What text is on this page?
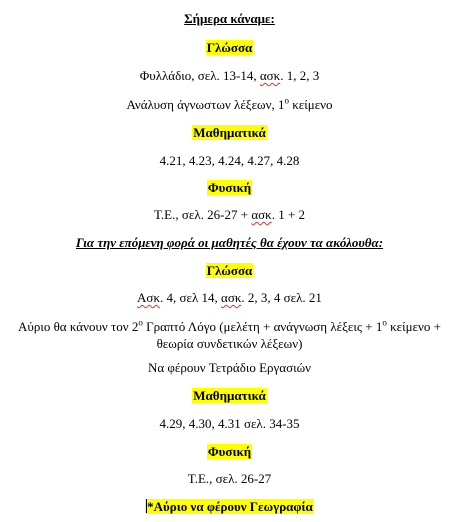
Σήμερα κάναμε:
Γλώσσα
Φυλλάδιο, σελ. 13-14, ασκ. 1, 2, 3
Ανάλυση άγνωστων λέξεων, $1^o$ κείμενο
Μαθηματικά
4.21, 4.23, 4.24, 4.27, 4.28
Φυσική
Τ.Ε., σελ. 26-27 + ασκ. 1 + 2
Για την επόμενη φορά οι μαθητές θα έχουν τα ακόλουθα:
Γλώσσα
Ασκ. 4, σελ 14, ασκ. 2, 3, 4 σελ. 21
Αύριο θα κάνουν τον $2^o$ Γραπτό Λόγο (μελέτη + ανάγνωση $\lambda έ\xi\varepsilon\iota\varsigma + 1^o$ κείμενο + θεωρία συνδετικών λέξεων)
Να φέρουν Τετράδιο Εργασιών
Μαθηματικά
4.29, 4.30, 4.31 σελ. 34-35
Φυσική
Τ.Ε., σελ. 26-27
*Αύριο να φέρουν Γεωγραφία
